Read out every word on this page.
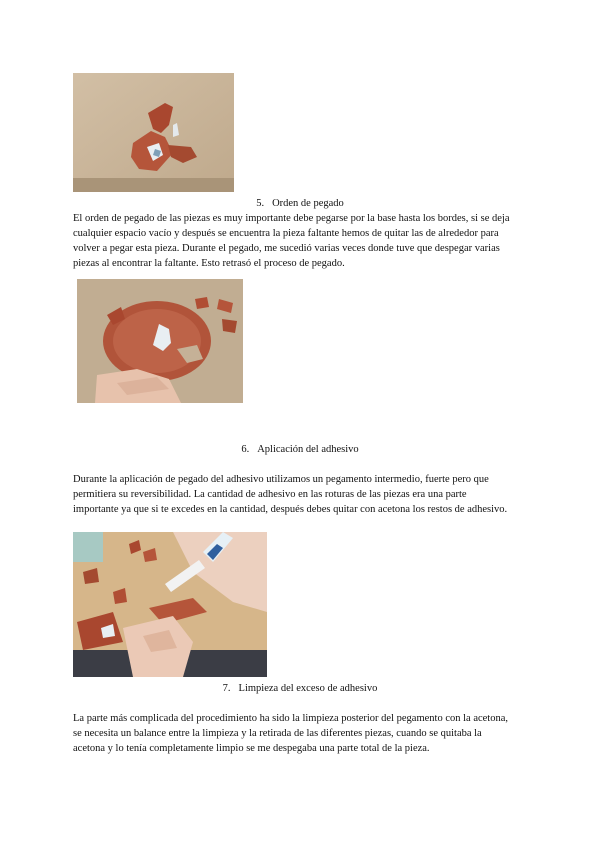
5. Orden de pegado

El orden de pegado de las piezas es muy importante debe pegarse por la base hasta los bordes, si se deja cualquier espacio vacío y después se encuentra la pieza faltante hemos de quitar las de alrededor para volver a pegar esta pieza. Durante el pegado, me sucedió varias veces donde tuve que despegar varias piezas al encontrar la faltante. Esto retrasó el proceso de pegado.

6. Aplicación del adhesivo

Durante la aplicación de pegado del adhesivo utilizamos un pegamento intermedio, fuerte pero que permitiera su reversibilidad. La cantidad de adhesivo en las roturas de las piezas era una parte importante ya que si te excedes en la cantidad, después debes quitar con acetona los restos de adhesivo.

7. Limpieza del exceso de adhesivo

La parte más complicada del procedimiento ha sido la limpieza posterior del pegamento con la acetona, se necesita un balance entre la limpieza y la retirada de las diferentes piezas, cuando se quitaba la acetona y lo tenía completamente limpio se me despegaba una parte total de la pieza.
